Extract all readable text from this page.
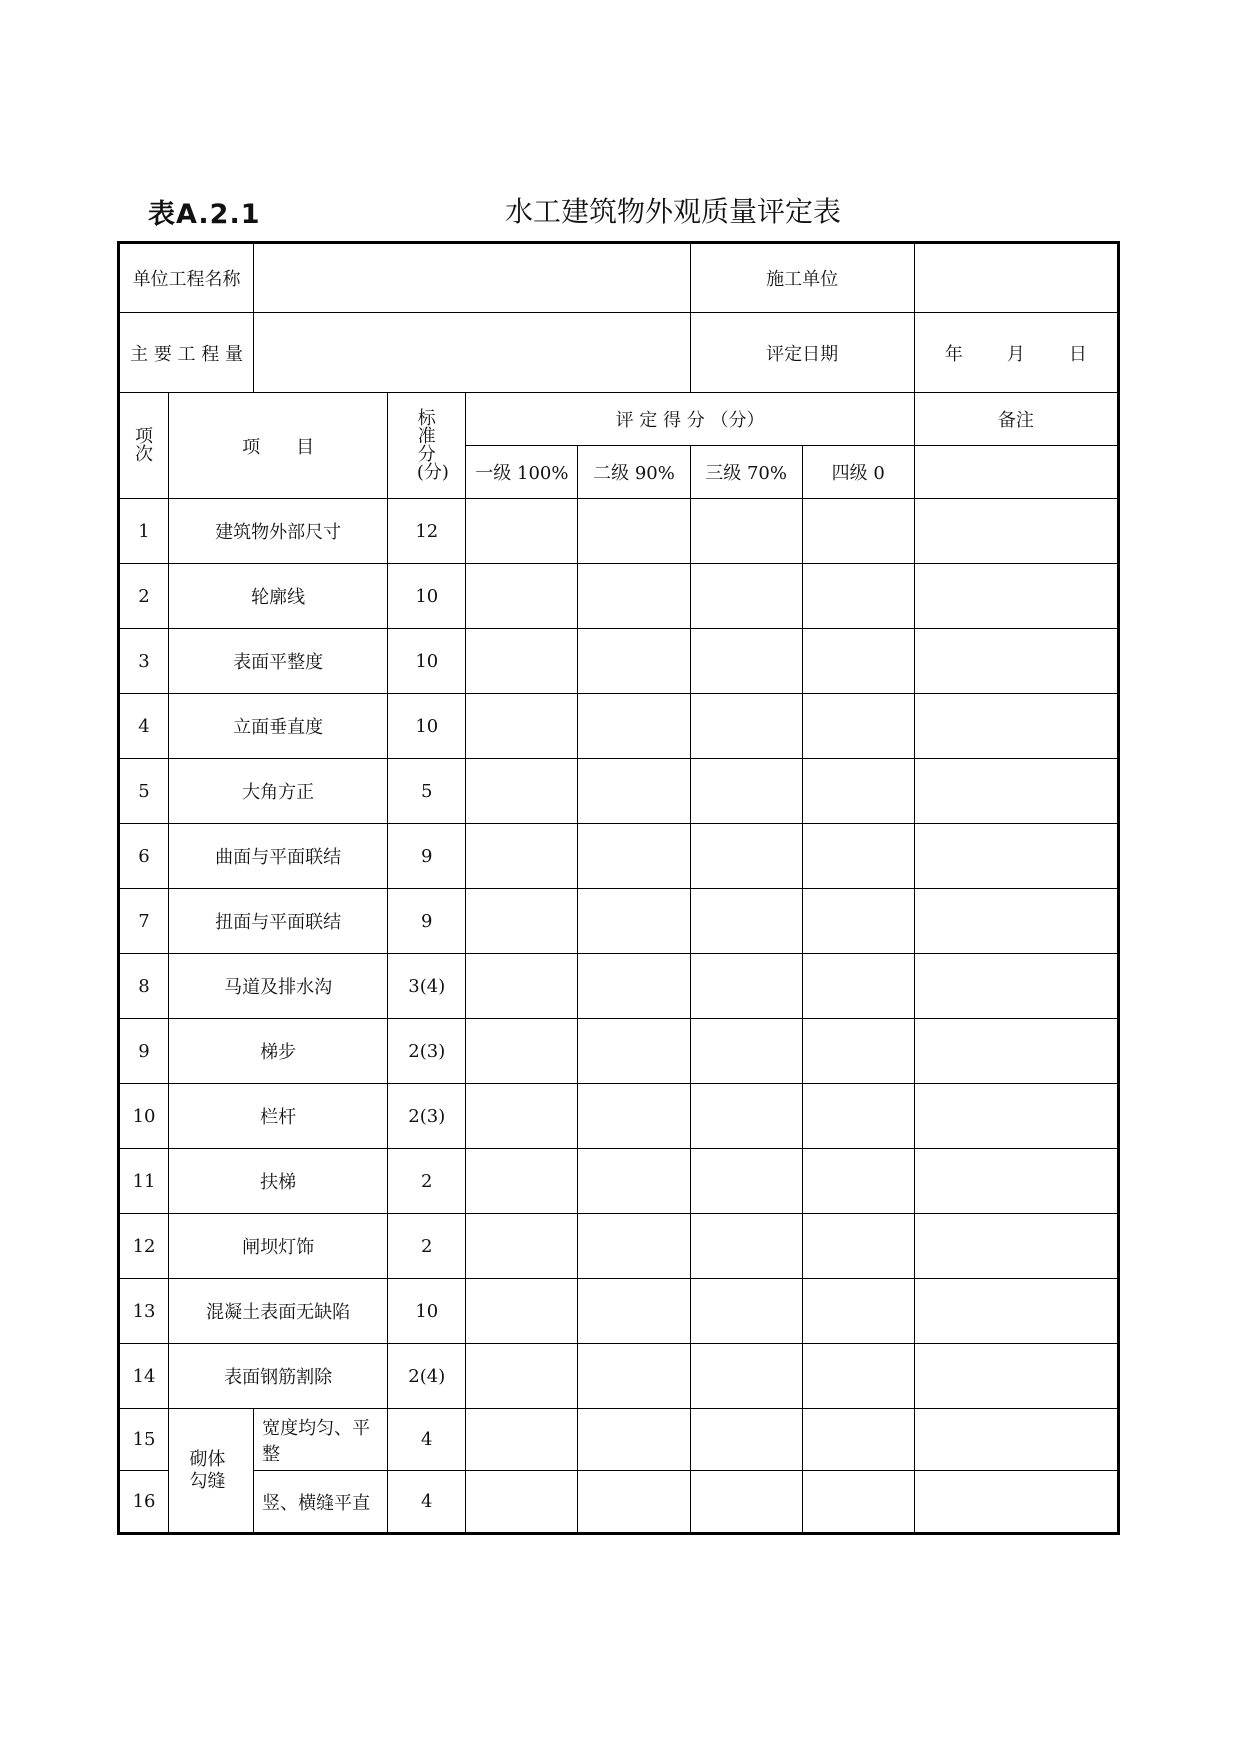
表A.2.1	水工建筑物外观质量评定表
单位工程名称						施工单位		
主 要 工 程 量						评定日期		年 月 日
项次	项　　目		标准分(分)	评 定 得 分 （分）				备注
				一级 100%	二级 90%	三级 70%	四级 0	
1	建筑物外部尺寸		12					
2	轮廓线		10					
3	表面平整度		10					
4	立面垂直度		10					
5	大角方正		5					
6	曲面与平面联结		9					
7	扭面与平面联结		9					
8	马道及排水沟		3(4)					
9	梯步		2(3)					
10	栏杆		2(3)					
11	扶梯		2					
12	闸坝灯饰		2					
13	混凝土表面无缺陷		10					
14	表面钢筋割除		2(4)					
15	砌体勾缝	宽度均匀、平整	4					
16		竖、横缝平直	4					
